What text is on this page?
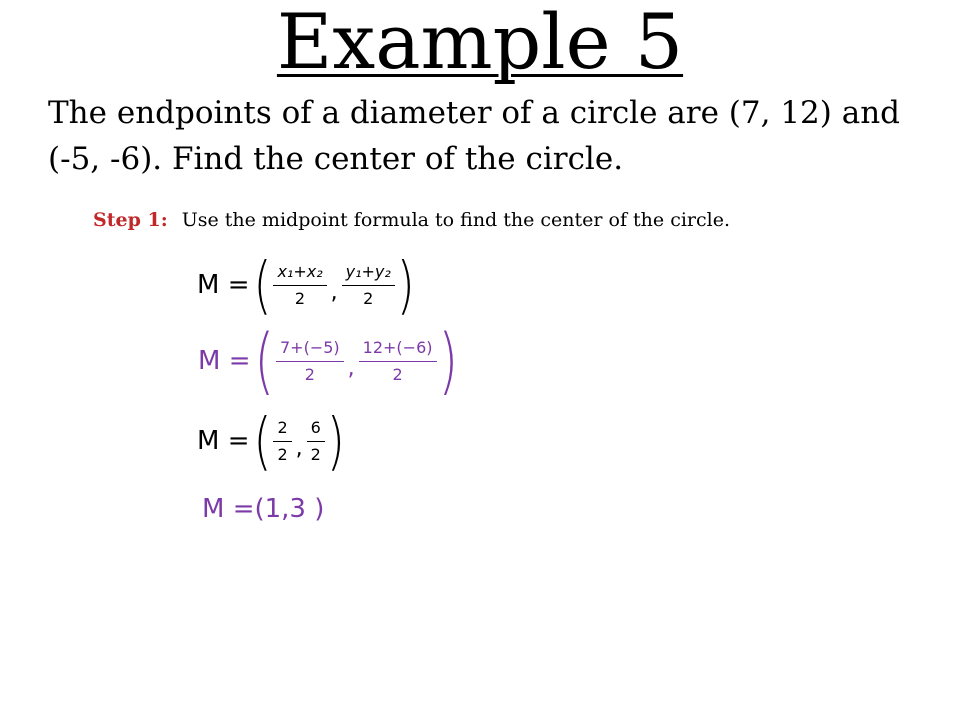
Example 5
The endpoints of a diameter of a circle are (7, 12) and (-5, -6). Find the center of the circle.
Step 1: Use the midpoint formula to find the center of the circle.
M = ( $\frac{\text{x₁+x₂}}{2}$ , $\frac{\text{y₁+y₂}}{2}$ )
M = ( $\frac{7+(-5)}{2}$ , $\frac{12+(-6)}{2}$ )
M = ( $\frac{2}{2}$ , $\frac{6}{2}$ )
M =(1,3 )
